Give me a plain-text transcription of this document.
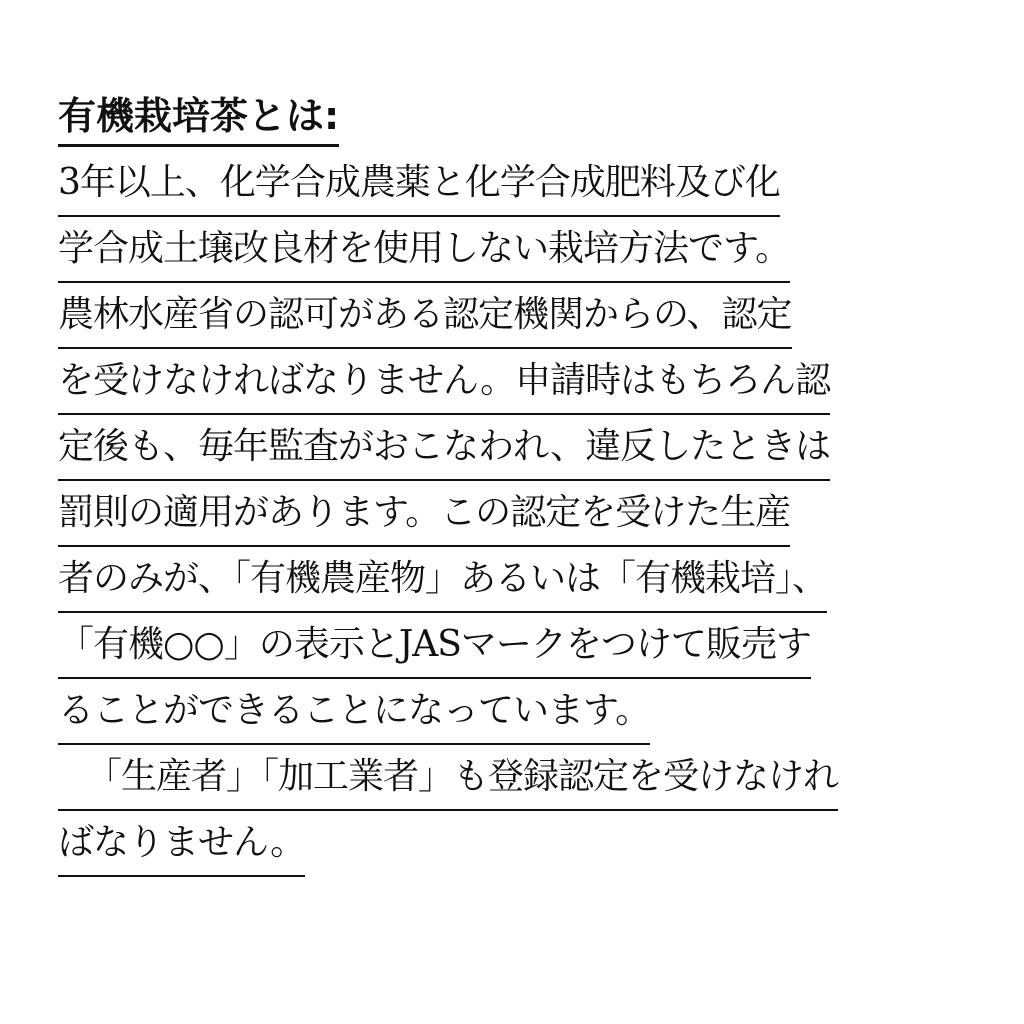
有機栽培茶とは:
3年以上、化学合成農薬と化学合成肥料及び化
学合成土壌改良材を使用しない栽培方法です。
農林水産省の認可がある認定機関からの、認定
を受けなければなりません。申請時はもちろん認
定後も、毎年監査がおこなわれ、違反したときは
罰則の適用があります。この認定を受けた生産
者のみが、「有機農産物」あるいは「有機栽培」、
「有機○○」の表示とJASマークをつけて販売す
ることができることになっています。
「生産者」「加工業者」も登録認定を受けなけれ
ばなりません。
